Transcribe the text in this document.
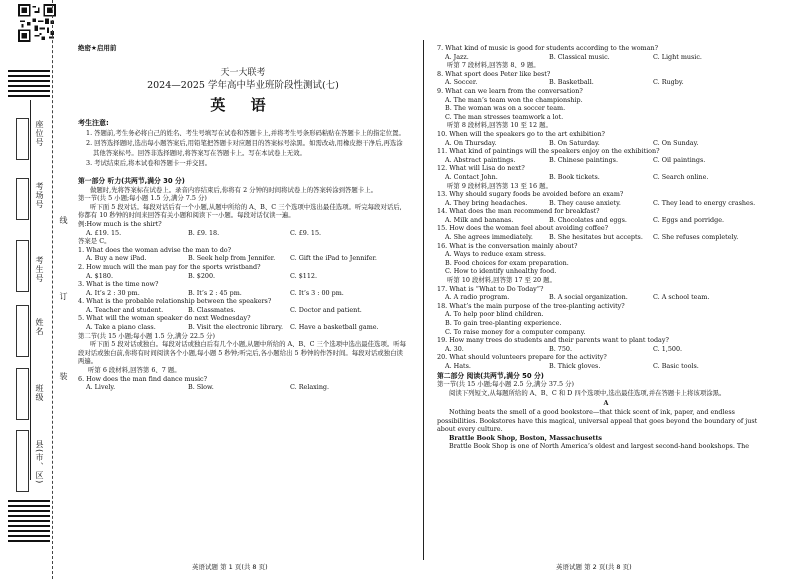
座位号
考场号
考生号
姓名
班级
县(市、区)
线
订
装
绝密★启用前
天一大联考
2024—2025 学年高中毕业班阶段性测试(七)
英 语
考生注意:

1. 答题前,考生务必将自己的姓名、考生号填写在试卷和答题卡上,并将考生号条形码粘贴在答题卡上的指定位置。

2. 回答选择题时,选出每小题答案后,用铅笔把答题卡对应题目的答案标号涂黑。如需改动,用橡皮擦干净后,再选涂其他答案标号。回答非选择题时,将答案写在答题卡上。写在本试卷上无效。

3. 考试结束后,将本试卷和答题卡一并交回。

第一部分 听力(共两节,满分 30 分)

做题时,先将答案标在试卷上。录音内容结束后,你将有 2 分钟的时间将试卷上的答案转涂到答题卡上。

第一节(共 5 小题;每小题 1.5 分,满分 7.5 分)

听下面 5 段对话。每段对话后有一个小题,从题中所给的 A、B、C 三个选项中选出最佳选项。听完每段对话后,你都有 10 秒钟的时间来回答有关小题和阅读下一小题。每段对话仅读一遍。

例:How much is the shirt?

A. £19. 15.	B. £9. 18.	C. £9. 15.

答案是 C。

1. What does the woman advise the man to do?

A. Buy a new iPad.	B. Seek help from Jennifer.	C. Gift the iPad to Jennifer.

2. How much will the man pay for the sports wristband?

A. $180.	B. $200.	C. $112.

3. What is the time now?

A. It’s 2 : 30 pm.	B. It’s 2 : 45 pm.	C. It’s 3 : 00 pm.

4. What is the probable relationship between the speakers?

A. Teacher and student.	B. Classmates.	C. Doctor and patient.

5. What will the woman speaker do next Wednesday?

A. Take a piano class.	B. Visit the electronic library.	C. Have a basketball game.

第二节(共 15 小题;每小题 1.5 分,满分 22.5 分)

听下面 5 段对话或独白。每段对话或独白后有几个小题,从题中所给的 A、B、C 三个选项中选出最佳选项。听每段对话或独白前,你将有时间阅读各个小题,每小题 5 秒钟;听完后,各小题给出 5 秒钟的作答时间。每段对话或独白读两遍。

听第 6 段材料,回答第 6、7 题。

6. How does the man find dance music?

A. Lively.	B. Slow.	C. Relaxing.
英语试题 第 1 页(共 8 页)

7. What kind of music is good for students according to the woman?

A. Jazz.	B. Classical music.	C. Light music.

听第 7 段材料,回答第 8、9 题。

8. What sport does Peter like best?

A. Soccer.	B. Basketball.	C. Rugby.

9. What can we learn from the conversation?

A. The man’s team won the championship.

B. The woman was on a soccer team.

C. The man stresses teamwork a lot.

听第 8 段材料,回答第 10 至 12 题。

10. When will the speakers go to the art exhibition?

A. On Thursday.	B. On Saturday.	C. On Sunday.

11. What kind of paintings will the speakers enjoy on the exhibition?

A. Abstract paintings.	B. Chinese paintings.	C. Oil paintings.

12. What will Lisa do next?

A. Contact John.	B. Book tickets.	C. Search online.

听第 9 段材料,回答第 13 至 16 题。

13. Why should sugary foods be avoided before an exam?

A. They bring headaches.	B. They cause anxiety.	C. They lead to energy crashes.

14. What does the man recommend for breakfast?

A. Milk and bananas.	B. Chocolates and eggs.	C. Eggs and porridge.

15. How does the woman feel about avoiding coffee?

A. She agrees immediately.	B. She hesitates but accepts.	C. She refuses completely.

16. What is the conversation mainly about?

A. Ways to reduce exam stress.

B. Food choices for exam preparation.

C. How to identify unhealthy food.

听第 10 段材料,回答第 17 至 20 题。

17. What is “What to Do Today”?

A. A radio program.	B. A social organization.	C. A school team.

18. What’s the main purpose of the tree-planting activity?

A. To help poor blind children.

B. To gain tree-planting experience.

C. To raise money for a computer company.

19. How many trees do students and their parents want to plant today?

A. 30.	B. 750.	C. 1,500.

20. What should volunteers prepare for the activity?

A. Hats.	B. Thick gloves.	C. Basic tools.
第二部分 阅读(共两节,满分 50 分)

第一节(共 15 小题;每小题 2.5 分,满分 37.5 分)

阅读下列短文,从每题所给的 A、B、C 和 D 四个选项中,选出最佳选项,并在答题卡上将该项涂黑。

A

Nothing beats the smell of a good bookstore—that thick scent of ink, paper, and endless possibilities. Bookstores have this magical, universal appeal that goes beyond the boundary of just about every culture.

Brattle Book Shop, Boston, Massachusetts

Brattle Book Shop is one of North America’s oldest and largest second-hand bookshops. The

英语试题 第 2 页(共 8 页)
